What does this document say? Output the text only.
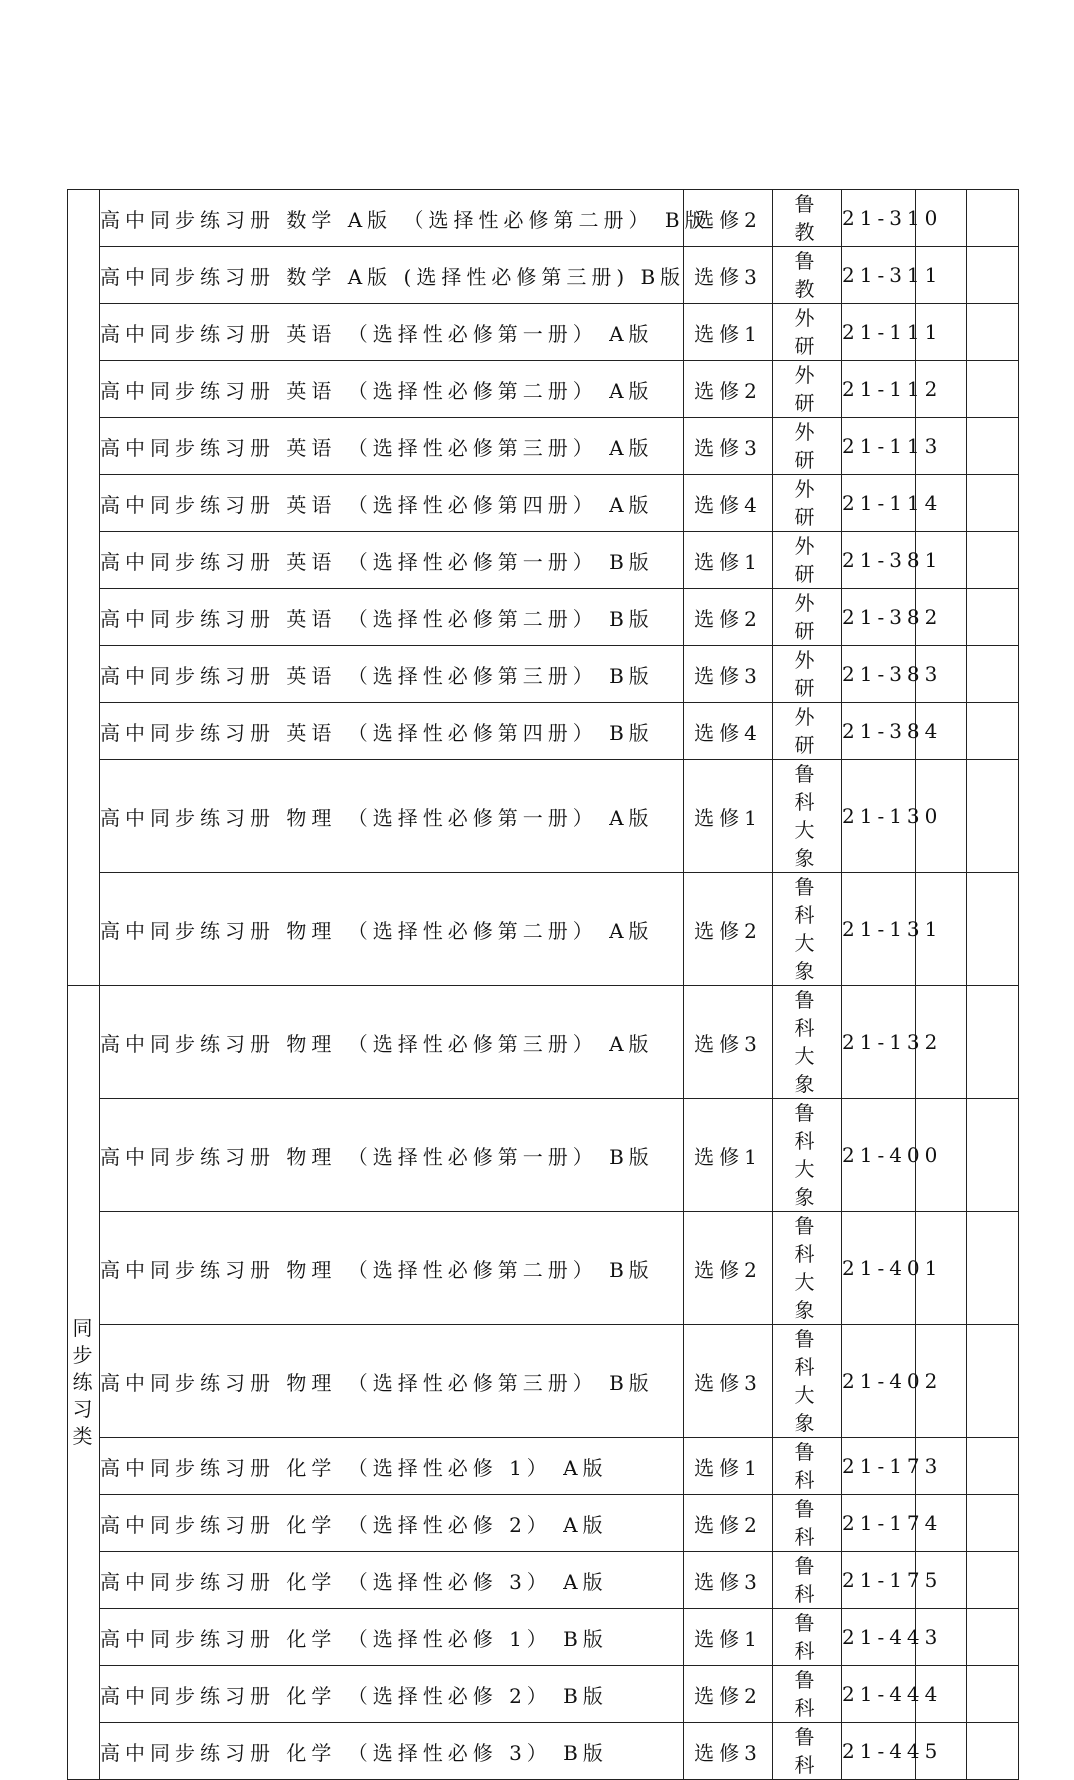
	高中同步练习册 数学 A版 （选择性必修第二册） B版	选修2	鲁教	21-310		
	高中同步练习册 数学 A版 (选择性必修第三册) B版	选修3	鲁教	21-311		
	高中同步练习册 英语 （选择性必修第一册） A版	选修1	外研	21-111		
	高中同步练习册 英语 （选择性必修第二册） A版	选修2	外研	21-112		
	高中同步练习册 英语 （选择性必修第三册） A版	选修3	外研	21-113		
	高中同步练习册 英语 （选择性必修第四册） A版	选修4	外研	21-114		
	高中同步练习册 英语 （选择性必修第一册） B版	选修1	外研	21-381		
	高中同步练习册 英语 （选择性必修第二册） B版	选修2	外研	21-382		
	高中同步练习册 英语 （选择性必修第三册） B版	选修3	外研	21-383		
	高中同步练习册 英语 （选择性必修第四册） B版	选修4	外研	21-384		
	高中同步练习册 物理 （选择性必修第一册） A版	选修1	鲁科大象	21-130		
	高中同步练习册 物理 （选择性必修第二册） A版	选修2	鲁科大象	21-131		
同步练习类	高中同步练习册 物理 （选择性必修第三册） A版	选修3	鲁科大象	21-132		
	高中同步练习册 物理 （选择性必修第一册） B版	选修1	鲁科大象	21-400		
	高中同步练习册 物理 （选择性必修第二册） B版	选修2	鲁科大象	21-401		
	高中同步练习册 物理 （选择性必修第三册） B版	选修3	鲁科大象	21-402		
	高中同步练习册 化学 （选择性必修 1） A版	选修1	鲁科	21-173		
	高中同步练习册 化学 （选择性必修 2） A版	选修2	鲁科	21-174		
	高中同步练习册 化学 （选择性必修 3） A版	选修3	鲁科	21-175		
	高中同步练习册 化学 （选择性必修 1） B版	选修1	鲁科	21-443		
	高中同步练习册 化学 （选择性必修 2） B版	选修2	鲁科	21-444		
	高中同步练习册 化学 （选择性必修 3） B版	选修3	鲁科	21-445		
